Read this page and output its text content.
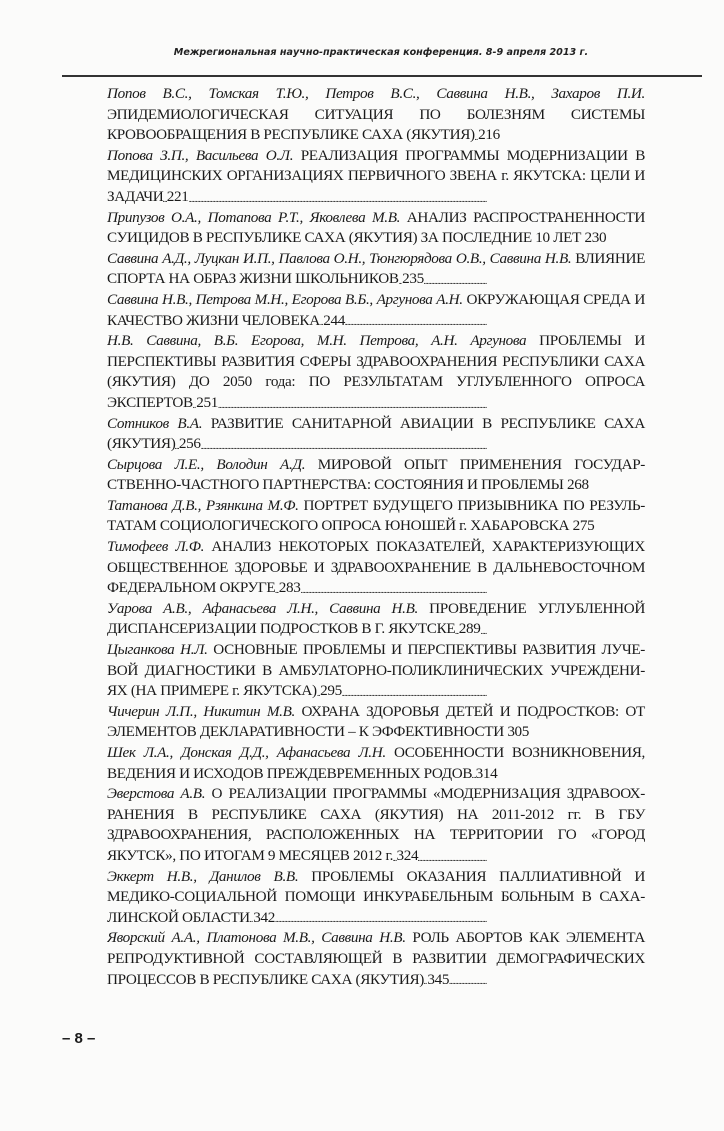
Межрегиональная научно-практическая конференция. 8-9 апреля 2013 г.
Попов В.С., Томская Т.Ю., Петров В.С., Саввина Н.В., Захаров П.И. ЭПИДЕМИОЛОГИЧЕСКАЯ СИТУАЦИЯ ПО БОЛЕЗНЯМ СИСТЕМЫ КРОВООБРАЩЕНИЯ В РЕСПУБЛИКЕ САХА (ЯКУТИЯ) 216 . . .
Попова З.П., Васильева О.Л. РЕАЛИЗАЦИЯ ПРОГРАММЫ МОДЕРНИЗАЦИИ В МЕДИЦИНСКИХ ОРГАНИЗАЦИЯХ ПЕРВИЧНОГО ЗВЕНА г. ЯКУТСКА: ЦЕЛИ И ЗАДАЧИ 221 . . .
Припузов О.А., Потапова Р.Т., Яковлева М.В. АНАЛИЗ РАСПРОСТРАНЕННОСТИ СУИЦИДОВ В РЕСПУБЛИКЕ САХА (ЯКУТИЯ) ЗА ПОСЛЕДНИЕ 10 ЛЕТ 230 . . .
Саввина А.Д., Луцкан И.П., Павлова О.Н., Тюнгюрядова О.В., Саввина Н.В. ВЛИЯНИЕ СПОРТА НА ОБРАЗ ЖИЗНИ ШКОЛЬНИКОВ 235 . . .
Саввина Н.В., Петрова М.Н., Егорова В.Б., Аргунова А.Н. ОКРУЖАЮЩАЯ СРЕДА И КАЧЕСТВО ЖИЗНИ ЧЕЛОВЕКА 244 . . .
Н.В. Саввина, В.Б. Егорова, М.Н. Петрова, А.Н. Аргунова ПРОБЛЕМЫ И ПЕРСПЕКТИВЫ РАЗВИТИЯ СФЕРЫ ЗДРАВООХРАНЕНИЯ РЕСПУБЛИКИ САХА (ЯКУТИЯ) ДО 2050 года: ПО РЕЗУЛЬТАТАМ УГЛУБЛЕННОГО ОПРОСА ЭКСПЕРТОВ 251 . . .
Сотников В.А. РАЗВИТИЕ САНИТАРНОЙ АВИАЦИИ В РЕСПУБЛИКЕ САХА (ЯКУТИЯ) 256 . . .
Сырцова Л.Е., Володин А.Д. МИРОВОЙ ОПЫТ ПРИМЕНЕНИЯ ГОСУДАР-СТВЕННО-ЧАСТНОГО ПАРТНЕРСТВА: СОСТОЯНИЯ И ПРОБЛЕМЫ 268 . . .
Татанова Д.В., Рзянкина М.Ф. ПОРТРЕТ БУДУЩЕГО ПРИЗЫВНИКА ПО РЕЗУЛЬ-ТАТАМ СОЦИОЛОГИЧЕСКОГО ОПРОСА ЮНОШЕЙ г. ХАБАРОВСКА 275 . . .
Тимофеев Л.Ф. АНАЛИЗ НЕКОТОРЫХ ПОКАЗАТЕЛЕЙ, ХАРАКТЕРИЗУЮЩИХ ОБЩЕСТВЕННОЕ ЗДОРОВЬЕ И ЗДРАВООХРАНЕНИЕ В ДАЛЬНЕВОСТОЧНОМ ФЕДЕРАЛЬНОМ ОКРУГЕ 283 . . .
Уарова А.В., Афанасьева Л.Н., Саввина Н.В. ПРОВЕДЕНИЕ УГЛУБЛЕННОЙ ДИСПАНСЕРИЗАЦИИ ПОДРОСТКОВ В Г. ЯКУТСКЕ 289 . . .
Цыганкова Н.Л. ОСНОВНЫЕ ПРОБЛЕМЫ И ПЕРСПЕКТИВЫ РАЗВИТИЯ ЛУЧЕ-ВОЙ ДИАГНОСТИКИ В АМБУЛАТОРНО-ПОЛИКЛИНИЧЕСКИХ УЧРЕЖДЕНИ-ЯХ (НА ПРИМЕРЕ г. ЯКУТСКА) 295 . . .
Чичерин Л.П., Никитин М.В. ОХРАНА ЗДОРОВЬЯ ДЕТЕЙ И ПОДРОСТКОВ: ОТ ЭЛЕМЕНТОВ ДЕКЛАРАТИВНОСТИ – К ЭФФЕКТИВНОСТИ 305 . . .
Шек Л.А., Донская Д.Д., Афанасьева Л.Н. ОСОБЕННОСТИ ВОЗНИКНОВЕНИЯ, ВЕДЕНИЯ И ИСХОДОВ ПРЕЖДЕВРЕМЕННЫХ РОДОВ 314 . . .
Эверстова А.В. О РЕАЛИЗАЦИИ ПРОГРАММЫ «МОДЕРНИЗАЦИЯ ЗДРАВООХ-РАНЕНИЯ В РЕСПУБЛИКЕ САХА (ЯКУТИЯ) НА 2011-2012 гг. В ГБУ ЗДРАВООХРАНЕНИЯ, РАСПОЛОЖЕННЫХ НА ТЕРРИТОРИИ ГО «ГОРОД ЯКУТСК», ПО ИТОГАМ 9 МЕСЯЦЕВ 2012 г. 324 . . .
Эккерт Н.В., Данилов В.В. ПРОБЛЕМЫ ОКАЗАНИЯ ПАЛЛИАТИВНОЙ И МЕДИКО-СОЦИАЛЬНОЙ ПОМОЩИ ИНКУРАБЕЛЬНЫМ БОЛЬНЫМ В САХА-ЛИНСКОЙ ОБЛАСТИ 342 . . .
Яворский А.А., Платонова М.В., Саввина Н.В. РОЛЬ АБОРТОВ КАК ЭЛЕМЕНТА РЕПРОДУКТИВНОЙ СОСТАВЛЯЮЩЕЙ В РАЗВИТИИ ДЕМОГРАФИЧЕСКИХ ПРОЦЕССОВ В РЕСПУБЛИКЕ САХА (ЯКУТИЯ) 345 . . .
– 8 –
